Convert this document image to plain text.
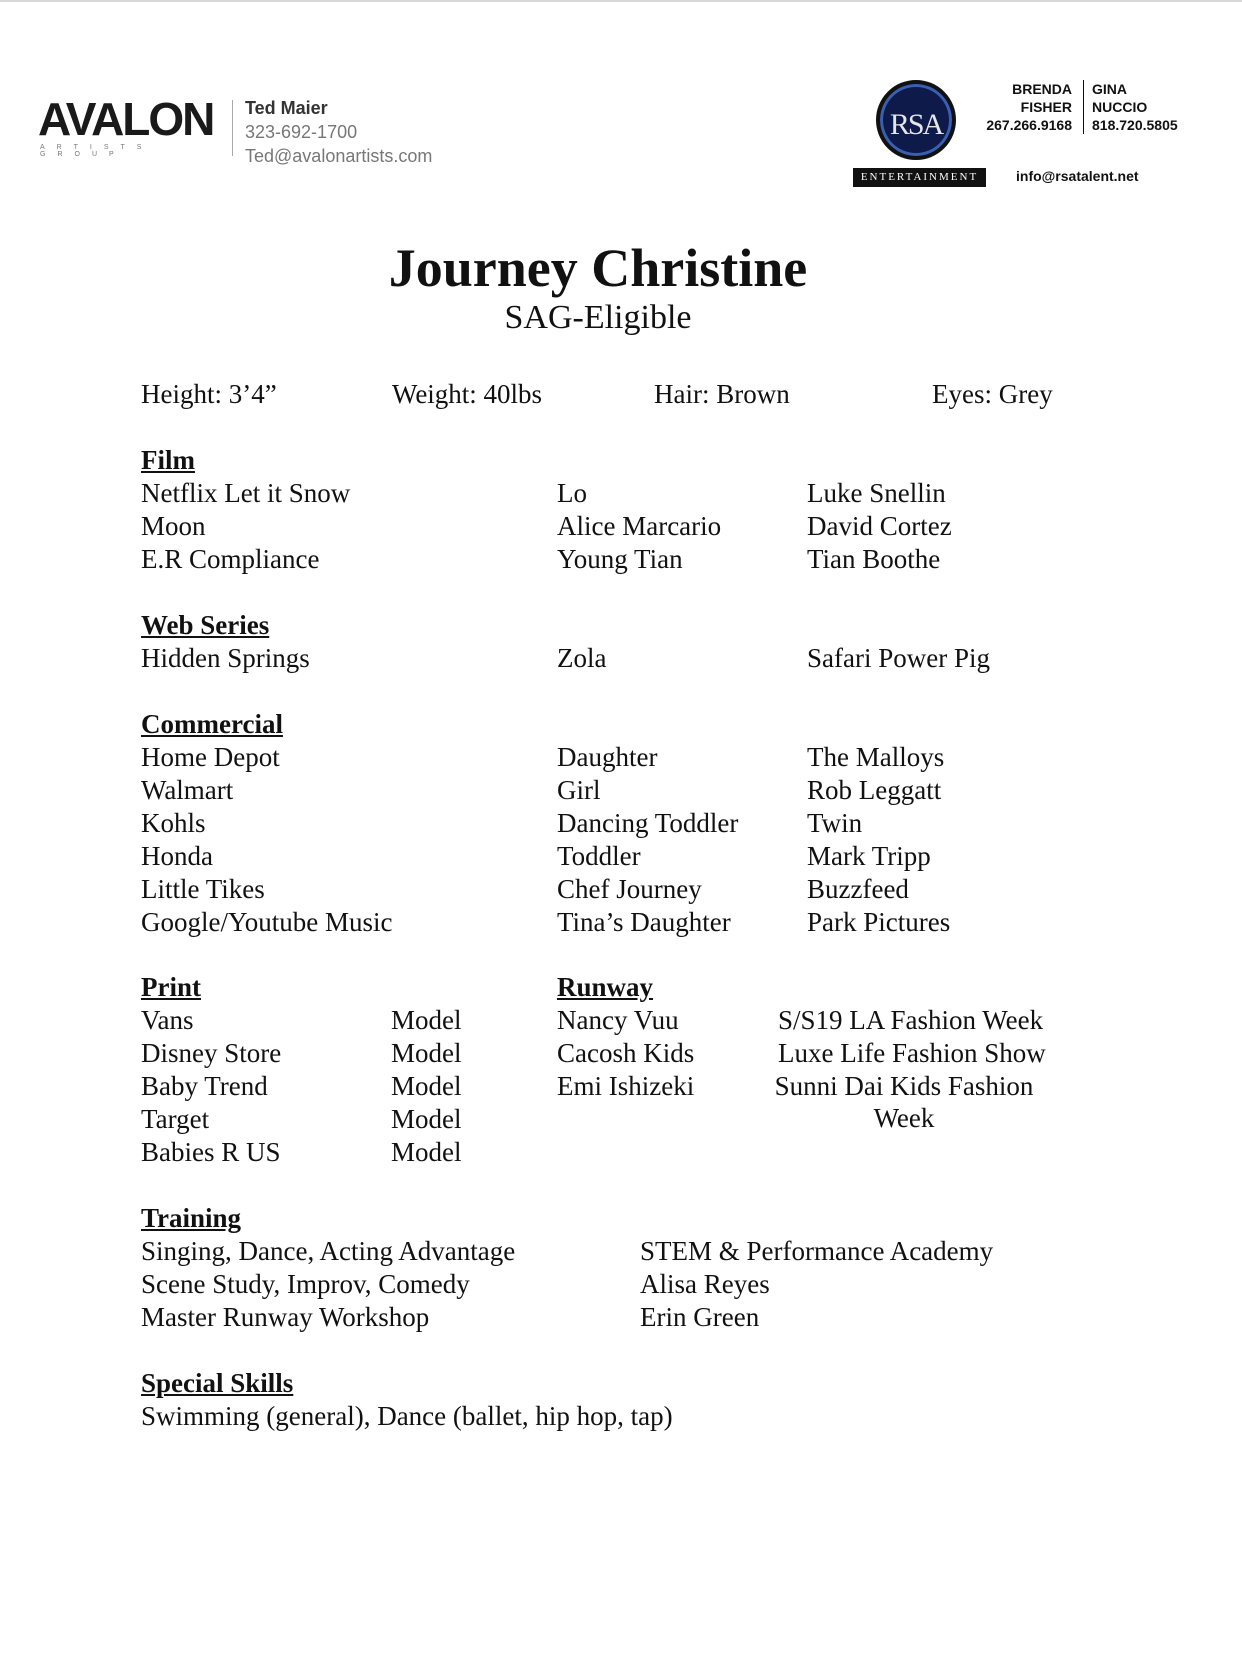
AVALON
ARTISTS GROUP
Ted Maier
323-692-1700
Ted@avalonartists.com
RSA
ENTERTAINMENT
BRENDA
FISHER
267.266.9168
GINA
NUCCIO
818.720.5805
info@rsatalent.net
Journey Christine
SAG-Eligible
Height: 3’4”	Weight: 40lbs	Hair: Brown	Eyes: Grey
Film
Netflix Let it Snow	Lo	Luke Snellin
Moon	Alice Marcario	David Cortez
E.R Compliance	Young Tian	Tian Boothe
Web Series
Hidden Springs	Zola	Safari Power Pig
Commercial
Home Depot	Daughter	The Malloys
Walmart	Girl	Rob Leggatt
Kohls	Dancing Toddler	Twin
Honda	Toddler	Mark Tripp
Little Tikes	Chef Journey	Buzzfeed
Google/Youtube Music	Tina’s Daughter	Park Pictures
Print
Vans	Model
Disney Store	Model
Baby Trend	Model
Target	Model
Babies R US	Model
Runway
Nancy Vuu	S/S19 LA Fashion Week
Cacosh Kids	Luxe Life Fashion Show
Emi Ishizeki	Sunni Dai Kids Fashion Week
Training
Singing, Dance, Acting Advantage	STEM & Performance Academy
Scene Study, Improv, Comedy	Alisa Reyes
Master Runway Workshop	Erin Green
Special Skills
Swimming (general), Dance (ballet, hip hop, tap)
